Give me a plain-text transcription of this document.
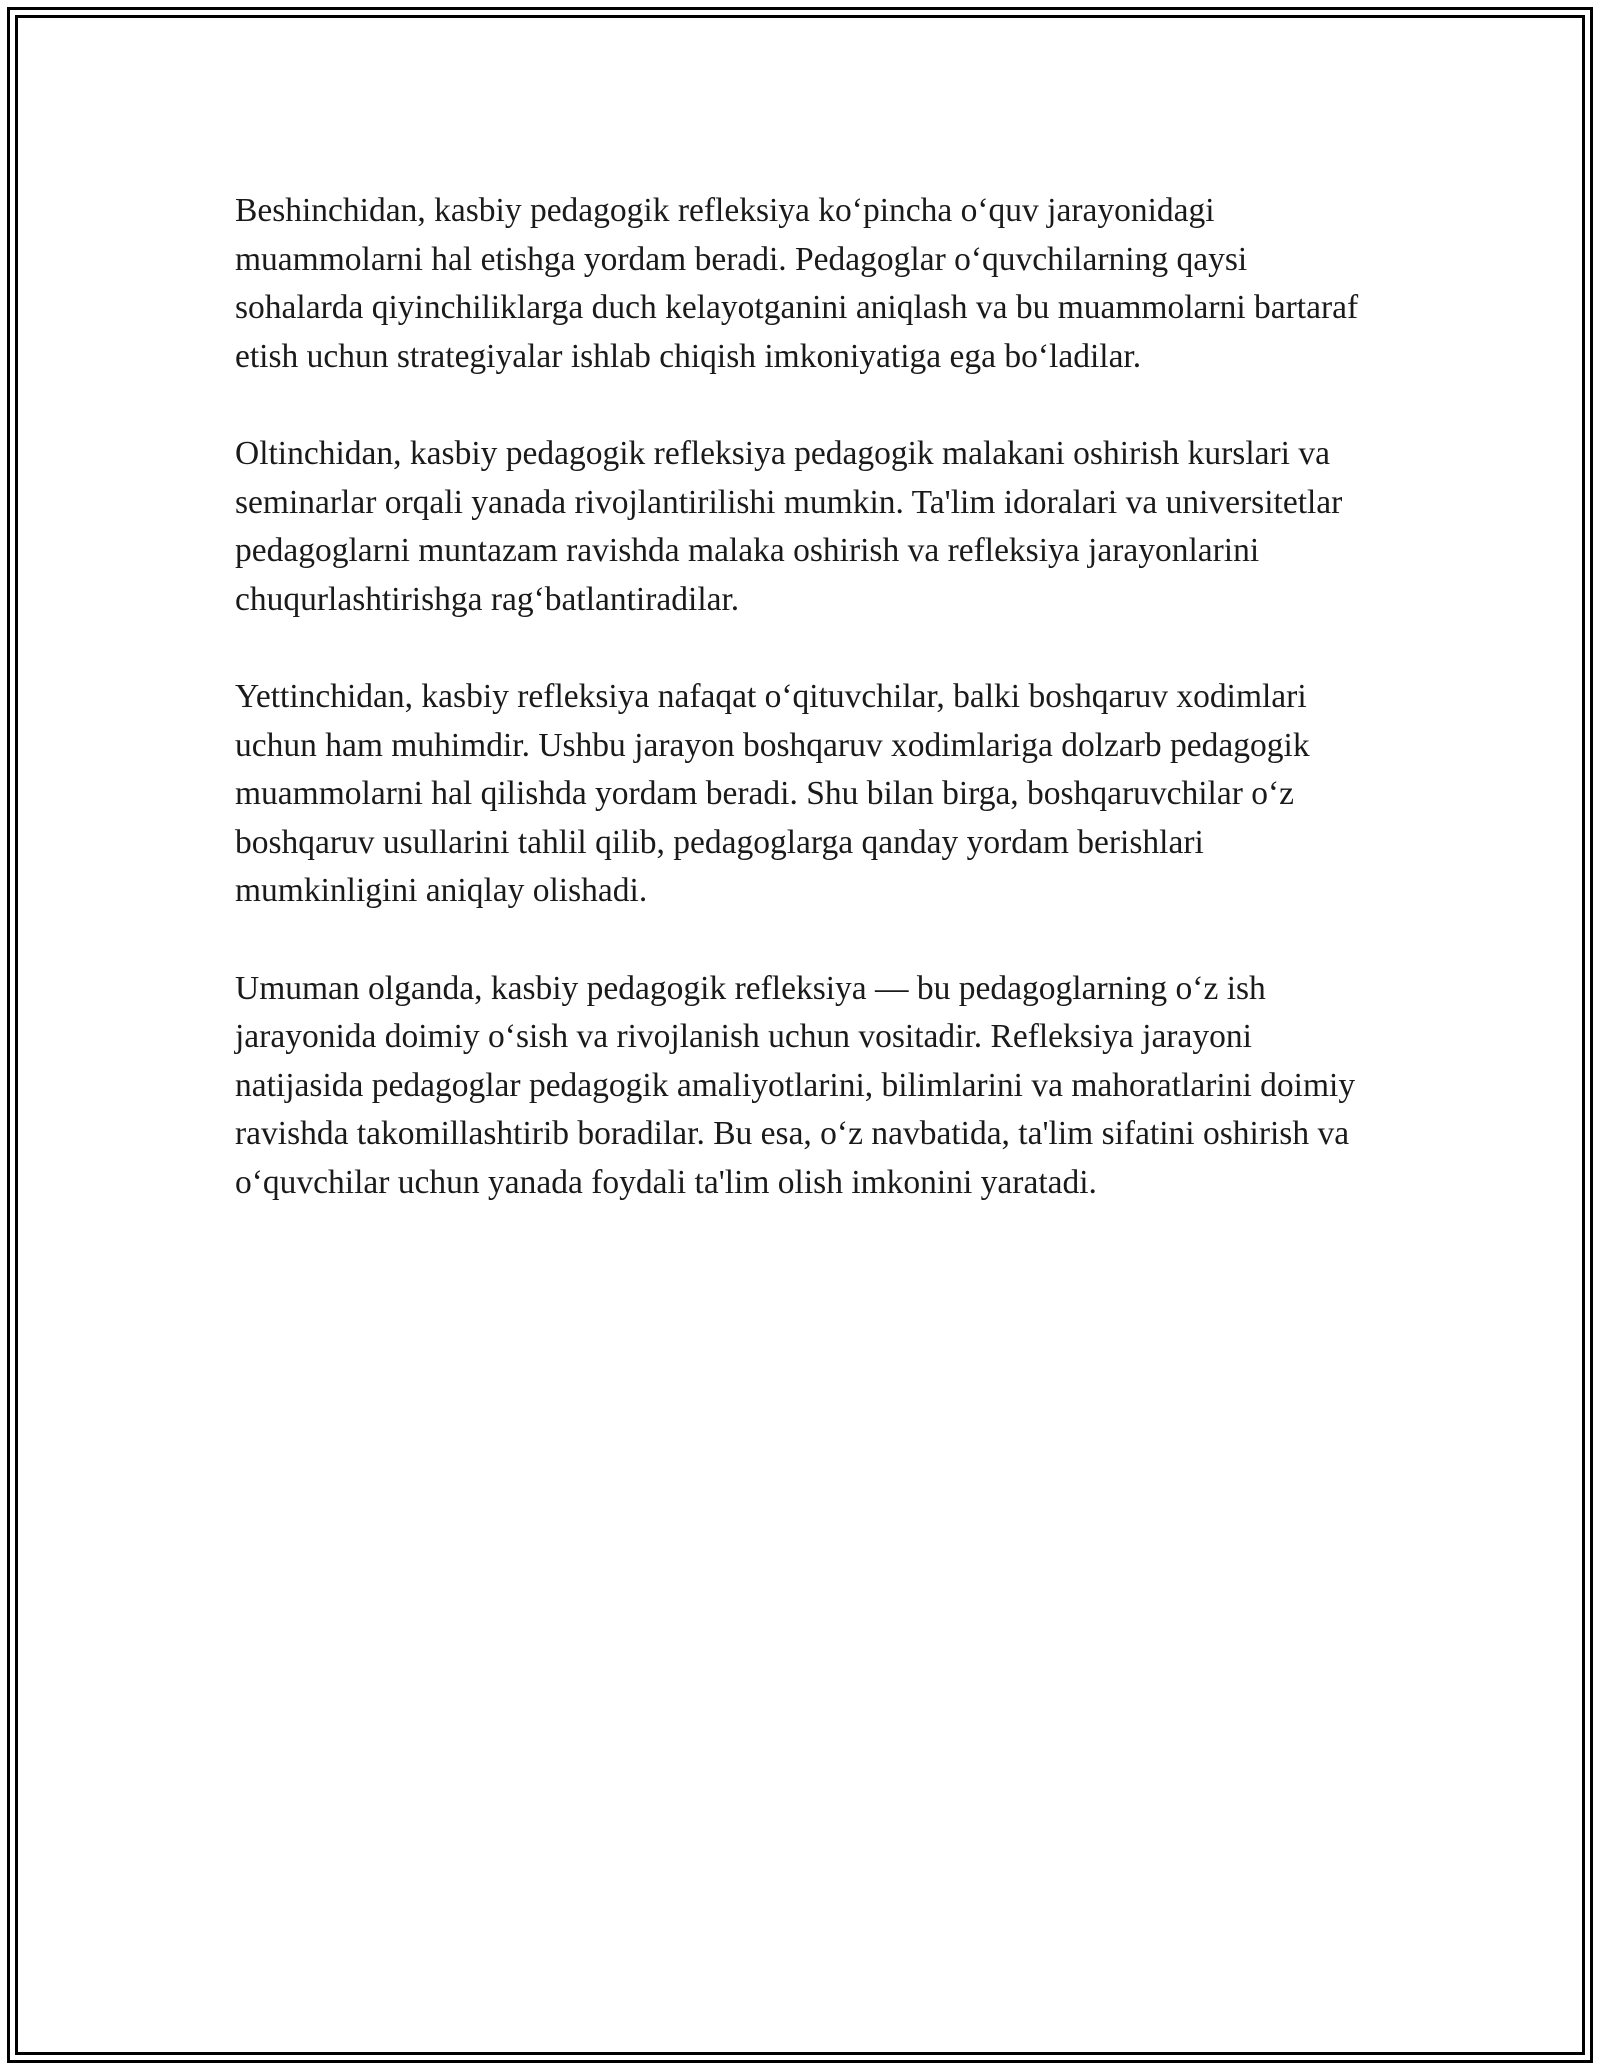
Beshinchidan, kasbiy pedagogik refleksiya ko‘pincha o‘quv jarayonidagi muammolarni hal etishga yordam beradi. Pedagoglar o‘quvchilarning qaysi sohalarda qiyinchiliklarga duch kelayotganini aniqlash va bu muammolarni bartaraf etish uchun strategiyalar ishlab chiqish imkoniyatiga ega bo‘ladilar.

Oltinchidan, kasbiy pedagogik refleksiya pedagogik malakani oshirish kurslari va seminarlar orqali yanada rivojlantirilishi mumkin. Ta'lim idoralari va universitetlar pedagoglarni muntazam ravishda malaka oshirish va refleksiya jarayonlarini chuqurlashtirishga rag‘batlantiradilar.

Yettinchidan, kasbiy refleksiya nafaqat o‘qituvchilar, balki boshqaruv xodimlari uchun ham muhimdir. Ushbu jarayon boshqaruv xodimlariga dolzarb pedagogik muammolarni hal qilishda yordam beradi. Shu bilan birga, boshqaruvchilar o‘z boshqaruv usullarini tahlil qilib, pedagoglarga qanday yordam berishlari mumkinligini aniqlay olishadi.

Umuman olganda, kasbiy pedagogik refleksiya — bu pedagoglarning o‘z ish jarayonida doimiy o‘sish va rivojlanish uchun vositadir. Refleksiya jarayoni natijasida pedagoglar pedagogik amaliyotlarini, bilimlarini va mahoratlarini doimiy ravishda takomillashtirib boradilar. Bu esa, o‘z navbatida, ta'lim sifatini oshirish va o‘quvchilar uchun yanada foydali ta'lim olish imkonini yaratadi.
